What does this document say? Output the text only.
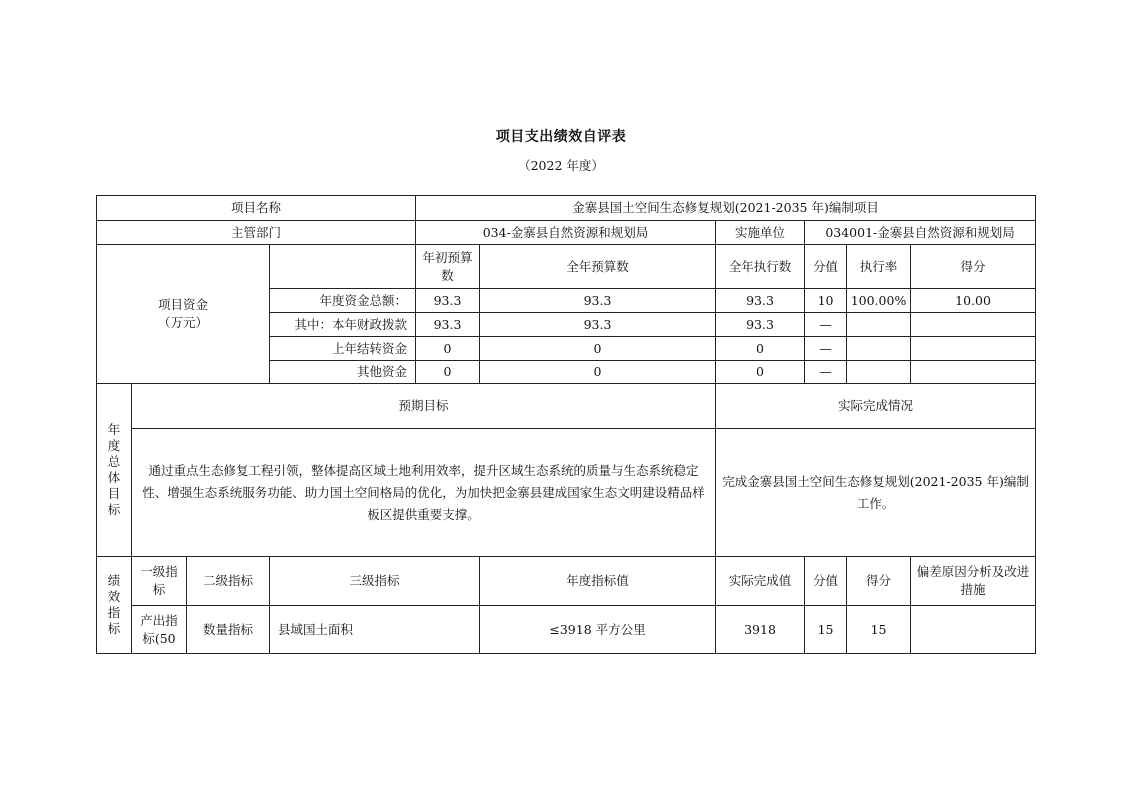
项目支出绩效自评表
（2022 年度）
项目名称				金寨县国土空间生态修复规划(2021-2035 年)编制项目					
主管部门				034-金寨县自然资源和规划局		实施单位	034001-金寨县自然资源和规划局		

项目资金
（万元）				年初预算数	全年预算数	全年执行数	分值	执行率	得分
			年度资金总额：	93.3	93.3	93.3	10	100.00%	10.00
			其中：本年财政拨款	93.3	93.3	93.3	—		
			上年结转资金	0	0	0	—		
			其他资金	0	0	0	—		

年度总体目标	预期目标					实际完成情况			
	通过重点生态修复工程引领，整体提高区域土地利用效率，提升区域生态系统的质量与生态系统稳定性、增强生态系统服务功能、助力国土空间格局的优化，为加快把金寨县建成国家生态文明建设精品样板区提供重要支撑。					完成金寨县国土空间生态修复规划(2021-2035 年)编制工作。			

绩效指标	一级指标	二级指标	三级指标		年度指标值	实际完成值	分值	得分	偏差原因分析及改进措施
	产出指标(50	数量指标	县域国土面积		≤3918 平方公里	3918	15	15	
